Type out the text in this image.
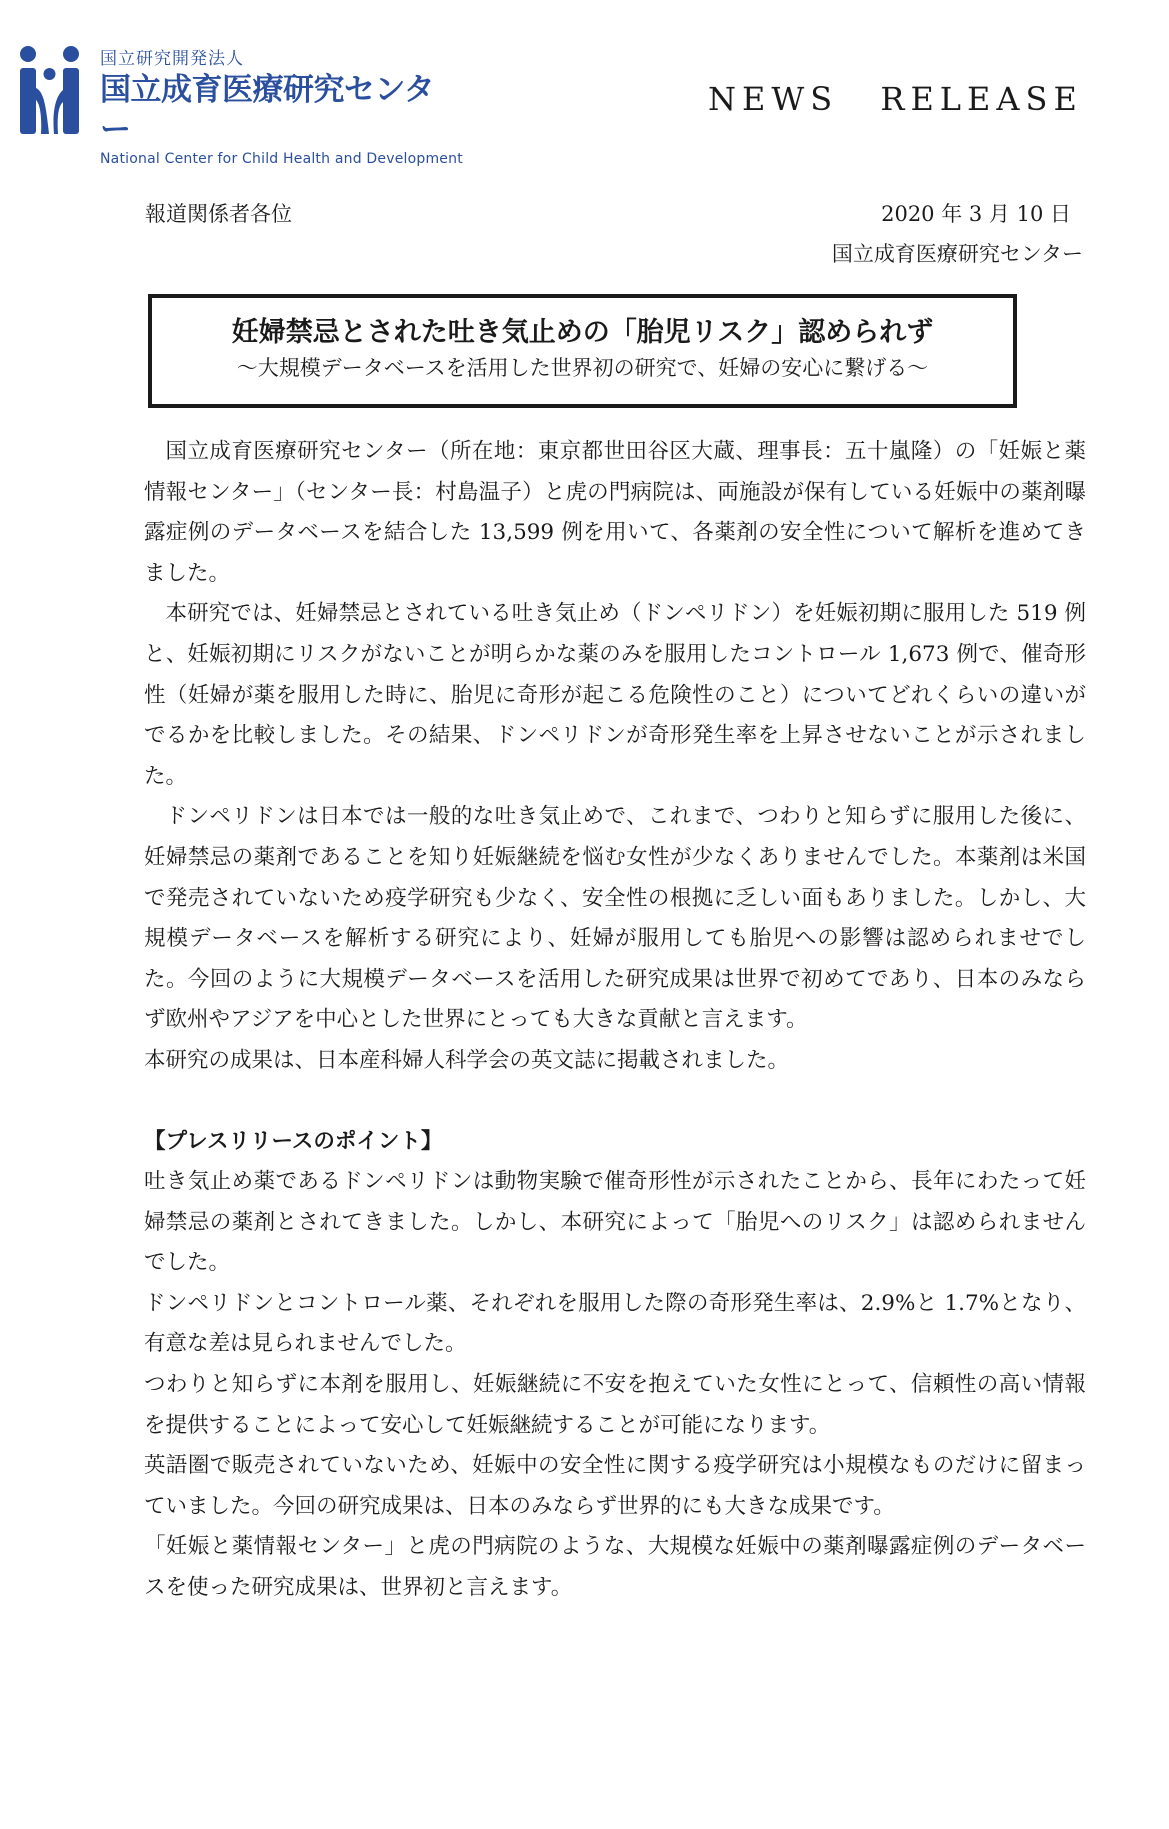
国立研究開発法人
国立成育医療研究センター
National Center for Child Health and Development
NEWS RELEASE
報道関係者各位	2020 年 3 月 10 日
国立成育医療研究センター
妊婦禁忌とされた吐き気止めの「胎児リスク」認められず
～大規模データベースを活用した世界初の研究で、妊婦の安心に繋げる～

国立成育医療研究センター（所在地：東京都世田谷区大蔵、理事長：五十嵐隆）の「妊娠と薬情報センター」（センター長：村島温子）と虎の門病院は、両施設が保有している妊娠中の薬剤曝露症例のデータベースを結合した 13,599 例を用いて、各薬剤の安全性について解析を進めてきました。

本研究では、妊婦禁忌とされている吐き気止め（ドンペリドン）を妊娠初期に服用した 519 例と、妊娠初期にリスクがないことが明らかな薬のみを服用したコントロール 1,673 例で、催奇形性（妊婦が薬を服用した時に、胎児に奇形が起こる危険性のこと）についてどれくらいの違いがでるかを比較しました。その結果、ドンペリドンが奇形発生率を上昇させないことが示されました。

ドンペリドンは日本では一般的な吐き気止めで、これまで、つわりと知らずに服用した後に、妊婦禁忌の薬剤であることを知り妊娠継続を悩む女性が少なくありませんでした。本薬剤は米国で発売されていないため疫学研究も少なく、安全性の根拠に乏しい面もありました。しかし、大規模データベースを解析する研究により、妊婦が服用しても胎児への影響は認められませでした。今回のように大規模データベースを活用した研究成果は世界で初めてであり、日本のみならず欧州やアジアを中心とした世界にとっても大きな貢献と言えます。

本研究の成果は、日本産科婦人科学会の英文誌に掲載されました。

【プレスリリースのポイント】

吐き気止め薬であるドンペリドンは動物実験で催奇形性が示されたことから、長年にわたって妊婦禁忌の薬剤とされてきました。しかし、本研究によって「胎児へのリスク」は認められませんでした。

ドンペリドンとコントロール薬、それぞれを服用した際の奇形発生率は、2.9%と 1.7%となり、有意な差は見られませんでした。

つわりと知らずに本剤を服用し、妊娠継続に不安を抱えていた女性にとって、信頼性の高い情報を提供することによって安心して妊娠継続することが可能になります。

英語圏で販売されていないため、妊娠中の安全性に関する疫学研究は小規模なものだけに留まっていました。今回の研究成果は、日本のみならず世界的にも大きな成果です。

「妊娠と薬情報センター」と虎の門病院のような、大規模な妊娠中の薬剤曝露症例のデータベースを使った研究成果は、世界初と言えます。
